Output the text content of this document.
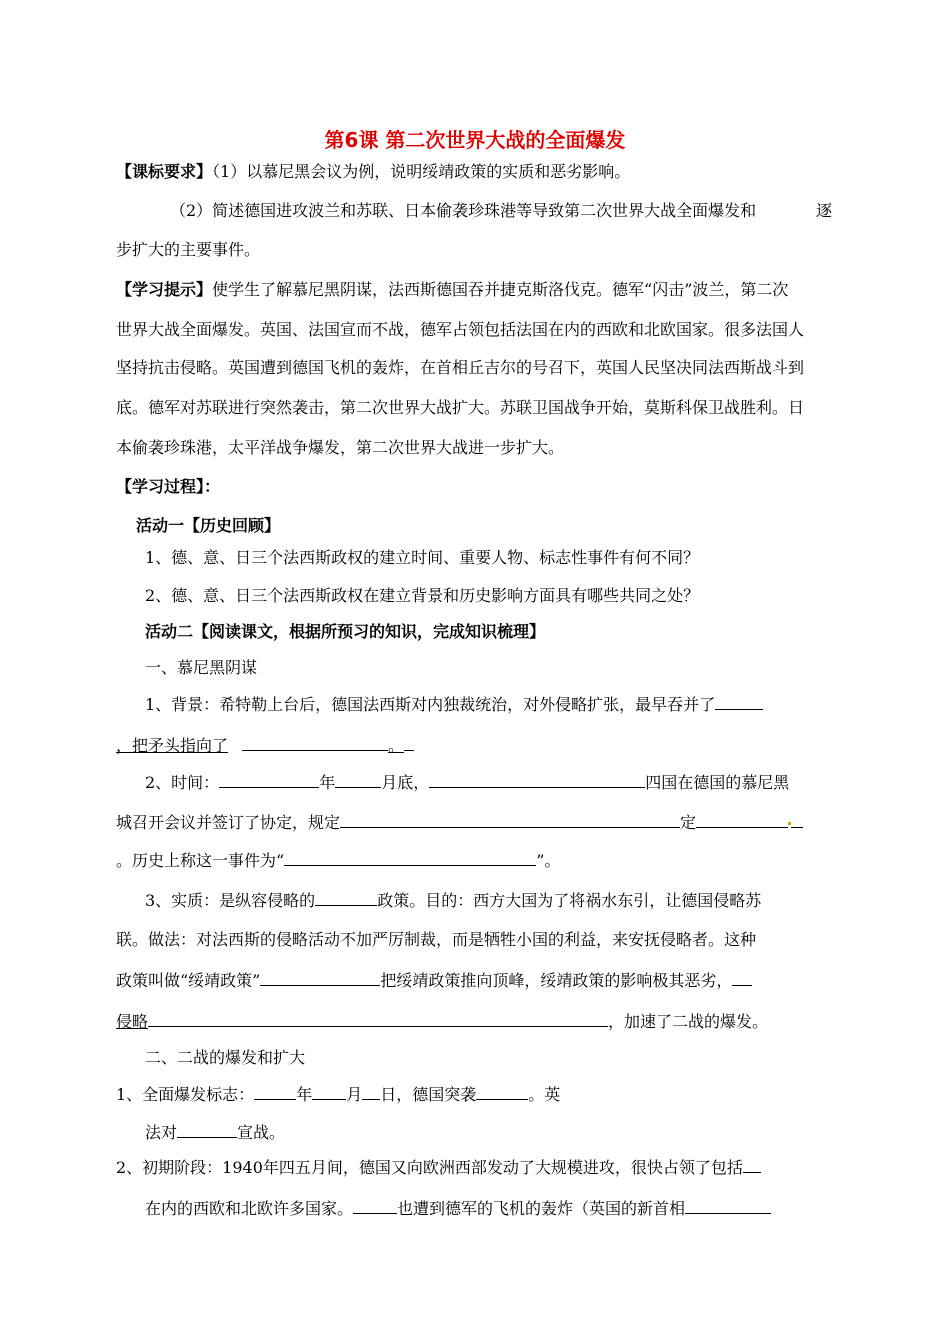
第6课 第二次世界大战的全面爆发
【课标要求】（1）以慕尼黑会议为例，说明绥靖政策的实质和恶劣影响。
（2）简述德国进攻波兰和苏联、日本偷袭珍珠港等导致第二次世界大战全面爆发和	逐
步扩大的主要事件。
【学习提示】使学生了解慕尼黑阴谋，法西斯德国吞并捷克斯洛伐克。德军“闪击”波兰，第二次
世界大战全面爆发。英国、法国宣而不战，德军占领包括法国在内的西欧和北欧国家。很多法国人
坚持抗击侵略。英国遭到德国飞机的轰炸，在首相丘吉尔的号召下，英国人民坚决同法西斯战斗到
底。德军对苏联进行突然袭击，第二次世界大战扩大。苏联卫国战争开始，莫斯科保卫战胜利。日
本偷袭珍珠港，太平洋战争爆发，第二次世界大战进一步扩大。
【学习过程】：
活动一【历史回顾】
1、德、意、日三个法西斯政权的建立时间、重要人物、标志性事件有何不同？
2、德、意、日三个法西斯政权在建立背景和历史影响方面具有哪些共同之处？
活动二【阅读课文，根据所预习的知识，完成知识梳理】
一、慕尼黑阴谋
1、背景：希特勒上台后，德国法西斯对内独裁统治，对外侵略扩张，最早吞并了
，把矛头指向了	。
2、时间：	年	月底，	四国在德国的慕尼黑
城召开会议并签订了协定，规定	定
。历史上称这一事件为“	”。
3、实质：是纵容侵略的	政策。目的：西方大国为了将祸水东引，让德国侵略苏
联。做法：对法西斯的侵略活动不加严厉制裁，而是牺牲小国的利益，来安抚侵略者。这种
政策叫做“绥靖政策”	把绥靖政策推向顶峰，绥靖政策的影响极其恶劣，
侵略	，加速了二战的爆发。
二、二战的爆发和扩大
1、全面爆发标志：	年 月 日，德国突袭	。英
法对	宣战。
2、初期阶段：1940年四五月间，德国又向欧洲西部发动了大规模进攻，很快占领了包括
在内的西欧和北欧许多国家。	也遭到德军的飞机的轰炸（英国的新首相
